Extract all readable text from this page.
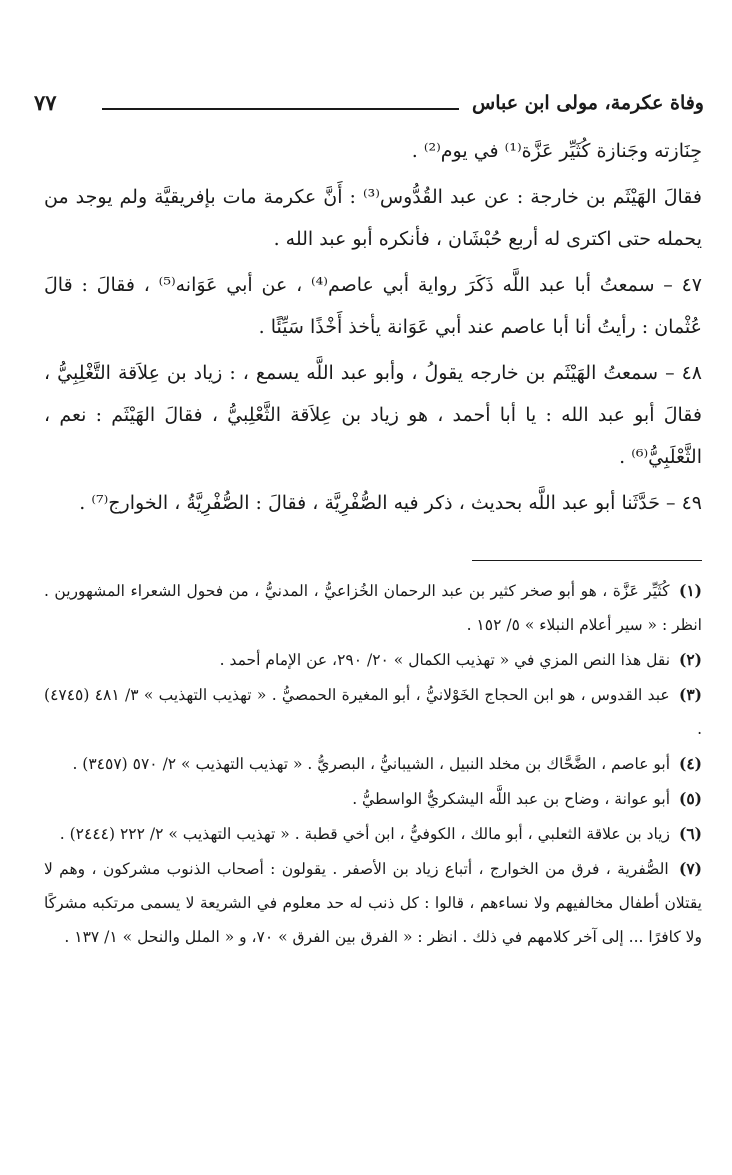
وفاة عكرمة، مولى ابن عباس
٧٧

جِنَازته وجَنازة كُثَيِّر عَزَّة⁽¹⁾ في يوم⁽²⁾ .

فقالَ الهَيْثَم بن خارجة : عن عبد القُدُّوس⁽³⁾ : أَنَّ عكرمة مات بإفريقيَّة ولم يوجد من يحمله حتى اكترى له أربع حُبْشَان ، فأنكره أبو عبد الله .

٤٧ – سمعتُ أبا عبد اللَّه ذَكَرَ رواية أبي عاصم⁽⁴⁾ ، عن أبي عَوَانه⁽⁵⁾ ، فقالَ : قالَ عُثْمان : رأيتُ أنا أبا عاصم عند أبي عَوَانة يأخذ أَخْذًا سَيِّئًا .

٤٨ – سمعتُ الهَيْثَم بن خارجه يقولُ ، وأبو عبد اللَّه يسمع ، : زياد بن عِلاَقة التَّغْلِبِيُّ ، فقالَ أبو عبد الله : يا أبا أحمد ، هو زياد بن عِلاَقة الثَّعْلِبيُّ ، فقالَ الهَيْثَم : نعم ، الثَّعْلَبِيُّ⁽⁶⁾ .

٤٩ – حَدَّثَنا أبو عبد اللَّه بحديث ، ذكر فيه الصُّفْرِيَّة ، فقالَ : الصُّفْرِيَّةُ ، الخوارج⁽⁷⁾ .

(١) كُثَيِّر عَزَّة ، هو أبو صخر كثير بن عبد الرحمان الخُزاعيُّ ، المدنيُّ ، من فحول الشعراء المشهورين . انظر : « سير أعلام النبلاء » ٥/ ١٥٢ .

(٢) نقل هذا النص المزي في « تهذيب الكمال » ٢٠/ ٢٩٠، عن الإمام أحمد .

(٣) عبد القدوس ، هو ابن الحجاج الخَوْلانيُّ ، أبو المغيرة الحمصيُّ . « تهذيب التهذيب » ٣/ ٤٨١ (٤٧٤٥) .

(٤) أبو عاصم ، الضَّحَّاك بن مخلد النبيل ، الشيبانيُّ ، البصريُّ . « تهذيب التهذيب » ٢/ ٥٧٠ (٣٤٥٧) .

(٥) أبو عوانة ، وضاح بن عبد اللَّه اليشكريُّ الواسطيُّ .

(٦) زياد بن علاقة الثعلبي ، أبو مالك ، الكوفيُّ ، ابن أخي قطبة . « تهذيب التهذيب » ٢/ ٢٢٢ (٢٤٤٤) .

(٧) الصُّفرية ، فرق من الخوارج ، أتباع زياد بن الأصفر . يقولون : أصحاب الذنوب مشركون ، وهم لا يقتلان أطفال مخالفيهم ولا نساءهم ، قالوا : كل ذنب له حد معلوم في الشريعة لا يسمى مرتكبه مشركًا ولا كافرًا ... إلى آخر كلامهم في ذلك . انظر : « الفرق بين الفرق » ٧٠، و « الملل والنحل » ١/ ١٣٧ .
